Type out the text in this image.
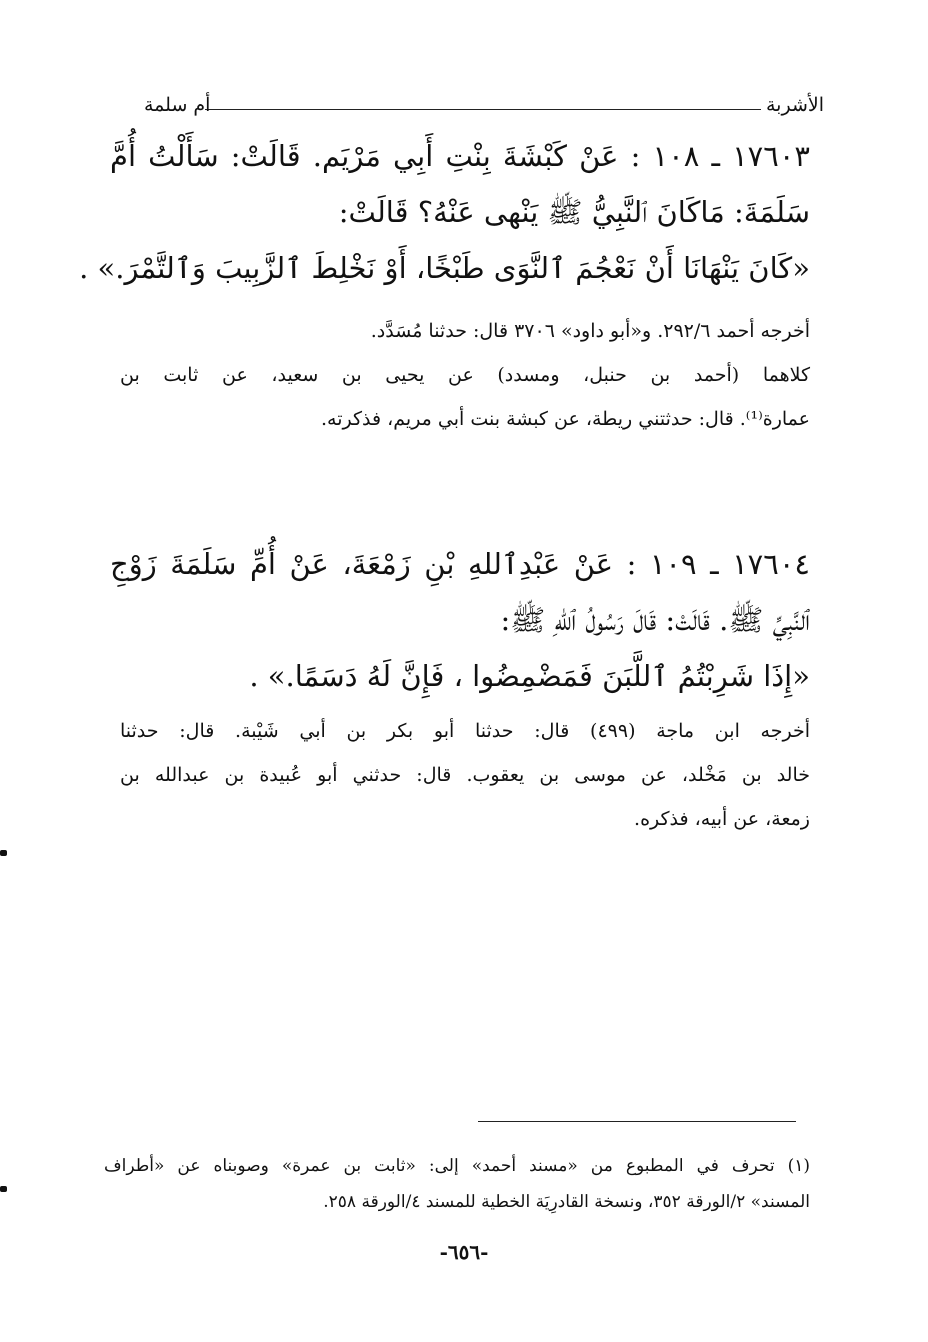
الأشربة
أم سلمة
١٧٦٠٣ ـ ١٠٨ : عَنْ كَبْشَةَ بِنْتِ أَبِي مَرْيَم. قَالَتْ: سَأَلْتُ أُمَّ
سَلَمَةَ: مَاكَانَ ٱلنَّبِيُّ ﷺ يَنْهى عَنْهُ؟ قَالَتْ:
«كَانَ يَنْهَانَا أَنْ نَعْجُمَ ٱلنَّوَى طَبْخًا، أَوْ نَخْلِطَ ٱلزَّبِيبَ وَٱلتَّمْرَ.» .
أخرجه أحمد ٢٩٢/٦. و«أبو داود» ٣٧٠٦ قال: حدثنا مُسَدَّد.
كلاهما (أحمد بن حنبل، ومسدد) عن يحيى بن سعيد، عن ثابت بن
عمارة⁽¹⁾. قال: حدثتني ريطة، عن كبشة بنت أبي مريم، فذكرته.
١٧٦٠٤ ـ ١٠٩ : عَنْ عَبْدِٱللهِ بْنِ زَمْعَةَ، عَنْ أُمِّ سَلَمَةَ زَوْجِ
ٱلنَّبِيِّ ﷺ. قَالَتْ: قَالَ رَسُولُ ٱللهِ ﷺ:
«إِذَا شَرِبْتُمُ ٱللَّبَنَ فَمَضْمِضُوا ، فَإِنَّ لَهُ دَسَمًا.» .
أخرجه ابن ماجة (٤٩٩) قال: حدثنا أبو بكر بن أبي شَيْبة. قال: حدثنا
خالد بن مَخْلد، عن موسى بن يعقوب. قال: حدثني أبو عُبيدة بن عبدالله بن
زمعة، عن أبيه، فذكره.
(١) تحرف في المطبوع من «مسند أحمد» إلى: «ثابت بن عمرة» وصوبناه عن «أطراف
المسند» ٢/الورقة ٣٥٢، ونسخة القادرِيَة الخطية للمسند ٤/الورقة ٢٥٨.
-٦٥٦-
